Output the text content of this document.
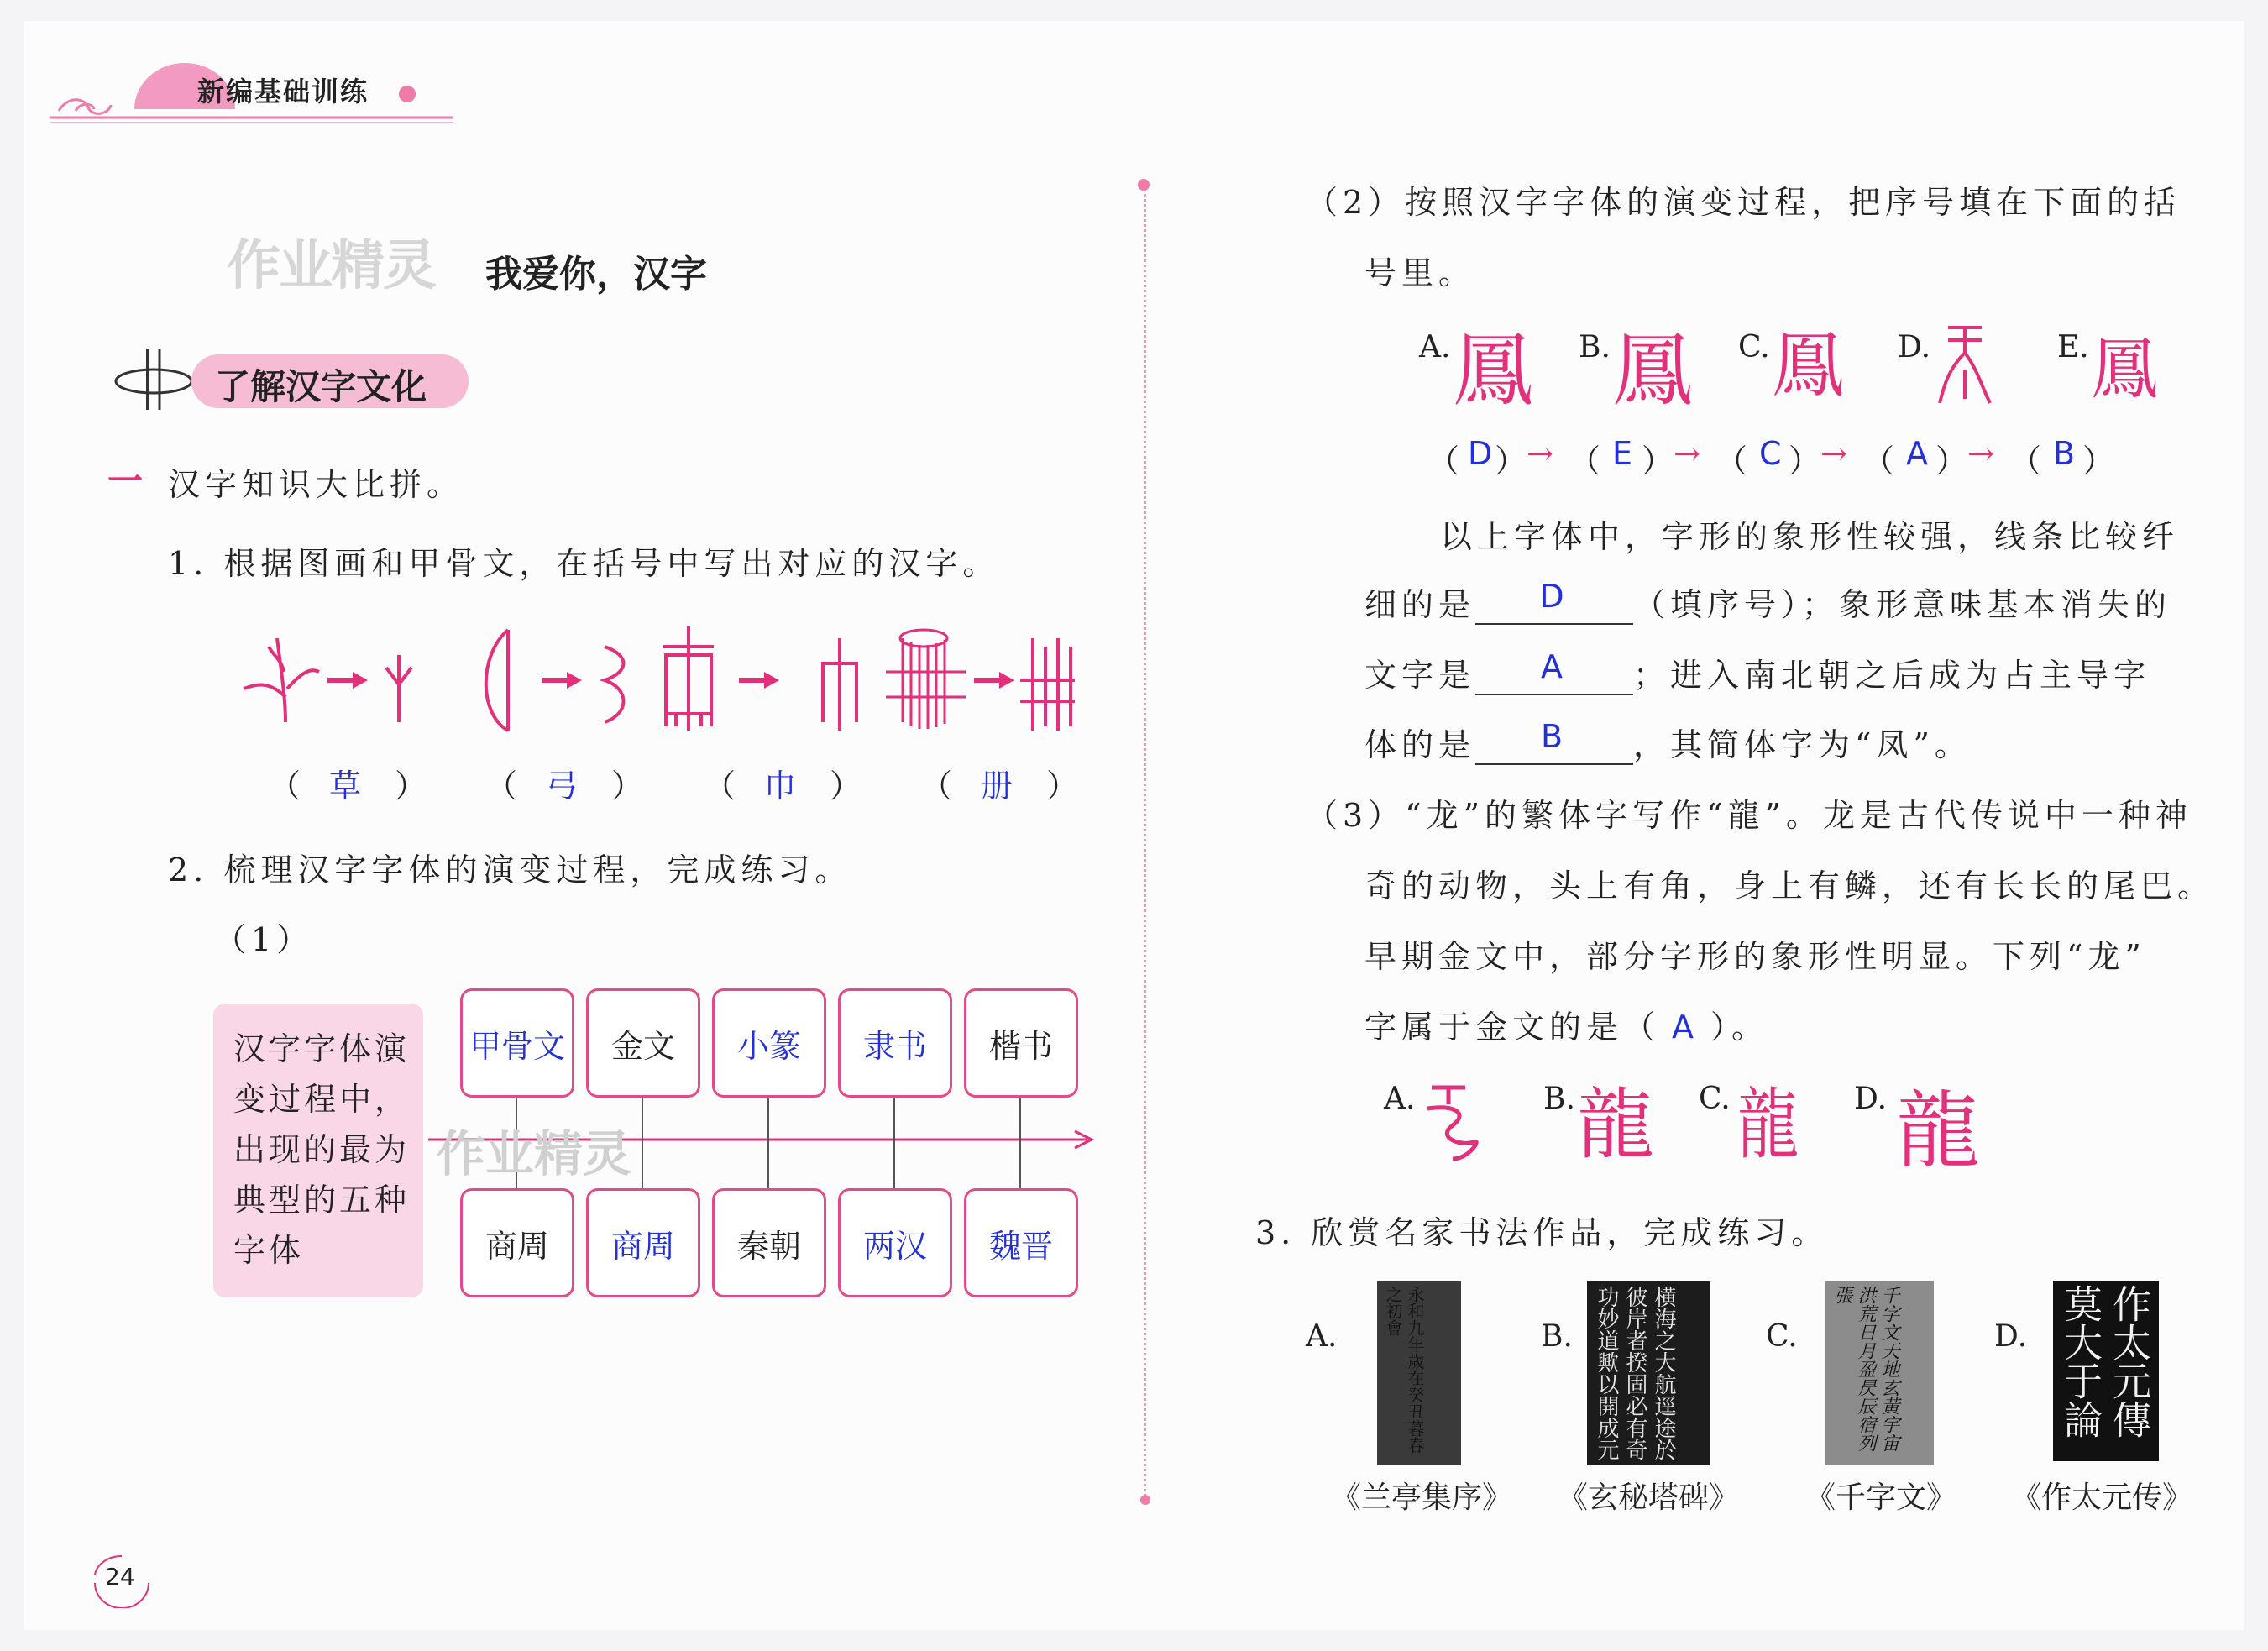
新编基础训练
作业精灵 我爱你，汉字
了解汉字文化
一 汉字知识大比拼。
1. 根据图画和甲骨文，在括号中写出对应的汉字。
（ 草 ） （ 弓 ） （ 巾 ） （ 册 ）
2. 梳理汉字字体的演变过程，完成练习。
（1）
汉字字体演
变过程中，
出现的最为
典型的五种
字体
作业精灵
甲骨文	金文	小篆	隶书	楷书
商周	商周	秦朝	两汉	魏晋
24
（2）按照汉字字体的演变过程，把序号填在下面的括
号里。
A. 鳳 B. 鳳 C. 鳯 D.	E. 鳳
（ D ） → （ E ） → （ C ） → （ A ） → （ B ）
以上字体中，字形的象形性较强，线条比较纤
细的是 D （填序号）；象形意味基本消失的
文字是 A ；进入南北朝之后成为占主导字
体的是 B ，其简体字为“凤”。
（3）“龙”的繁体字写作“龍”。龙是古代传说中一种神
奇的动物，头上有角，身上有鳞，还有长长的尾巴。
早期金文中，部分字形的象形性明显。下列“龙”
字属于金文的是（ A ）。
A.	B. 龍 C. 龍 D. 龍
3. 欣赏名家书法作品，完成练习。
A.	永和九年歲在癸丑暮春之初會
《兰亭集序》
B.	横海之大航逕途於彼岸者揆固必有奇功妙道歟以開成元
《玄秘塔碑》
C.	千字文天地玄黃宇宙洪荒日月盈昃辰宿列張
《千字文》
D.	作太元傳莫大于論
《作太元传》
